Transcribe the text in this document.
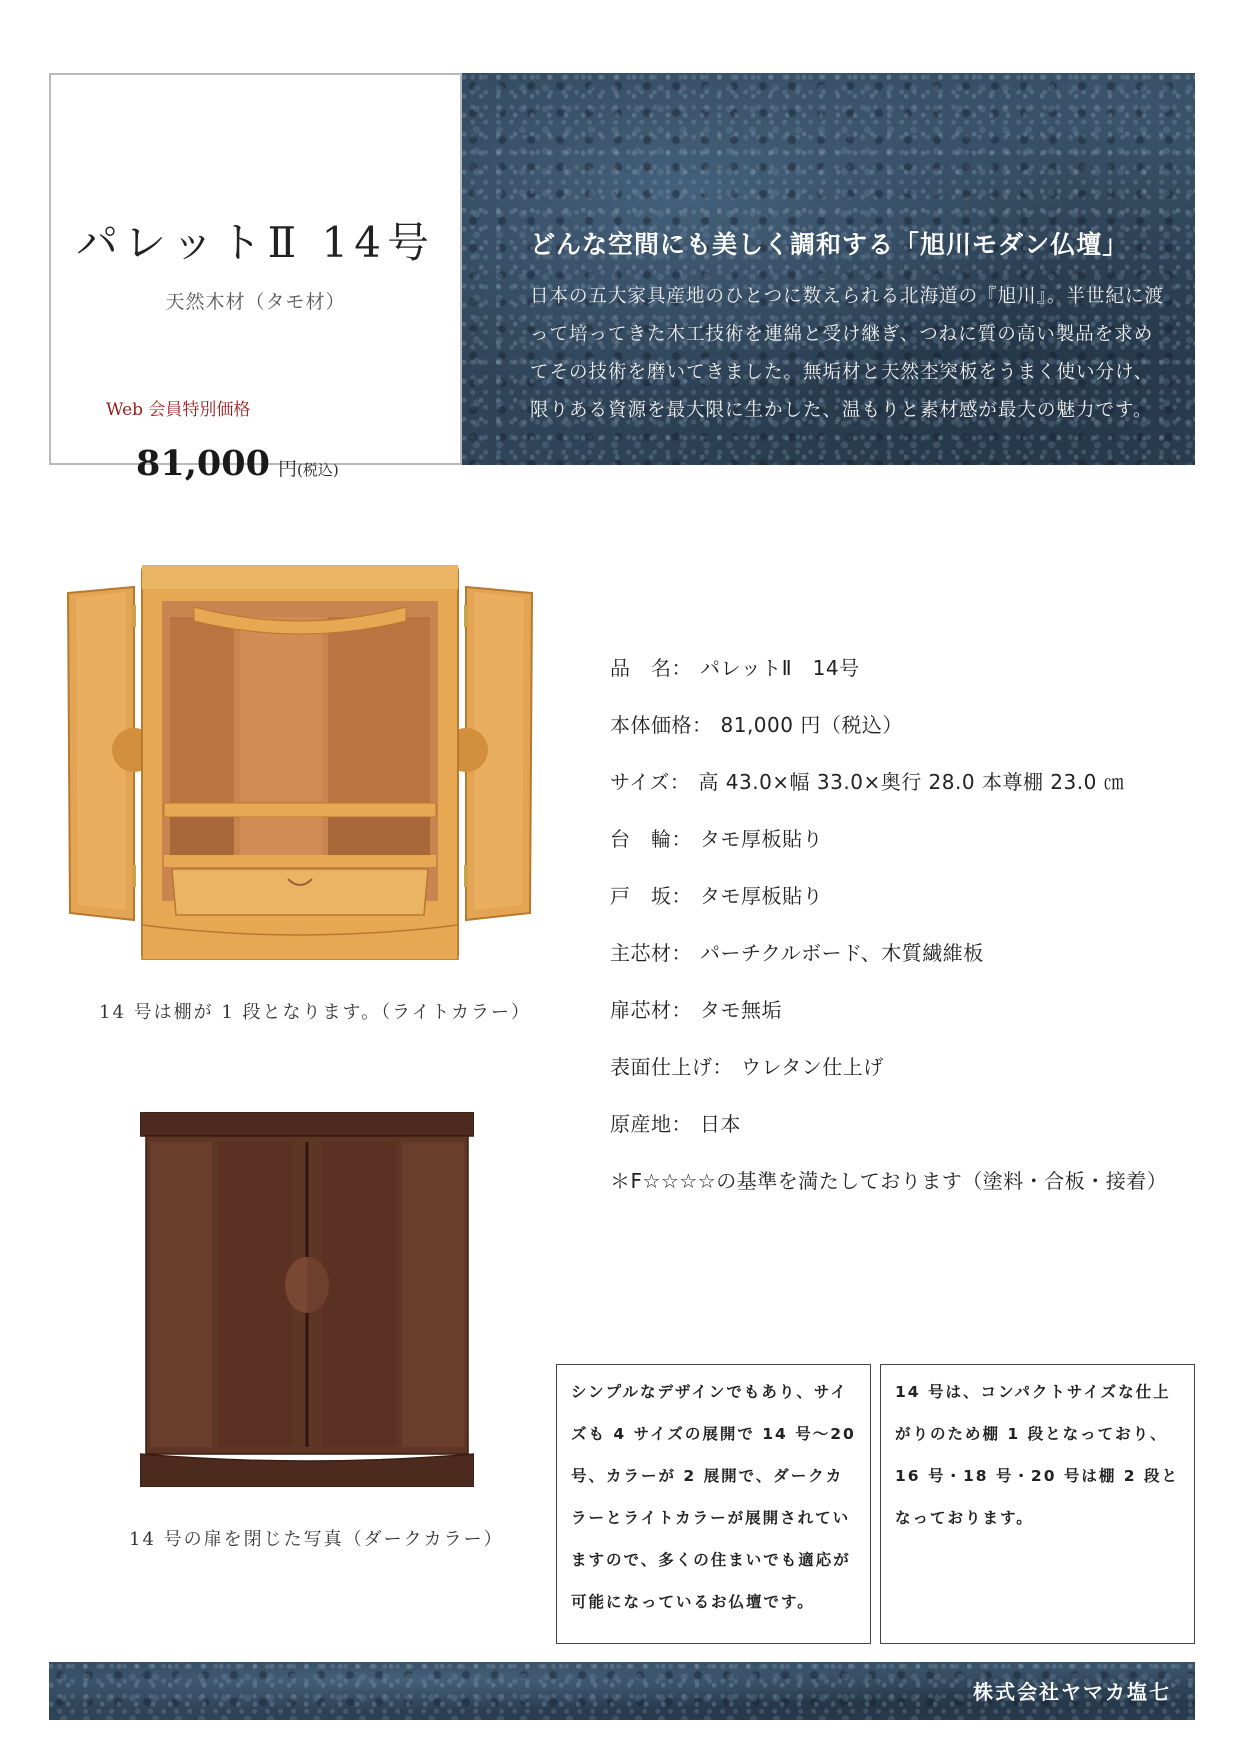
パレットⅡ 14号
天然木材（タモ材）
Web 会員特別価格
81,000 円(税込)
どんな空間にも美しく調和する「旭川モダン仏壇」
日本の五大家具産地のひとつに数えられる北海道の『旭川』。半世紀に渡って培ってきた木工技術を連綿と受け継ぎ、つねに質の高い製品を求めてその技術を磨いてきました。無垢材と天然杢突板をうまく使い分け、限りある資源を最大限に生かした、温もりと素材感が最大の魅力です。
14 号は棚が 1 段となります。（ライトカラー）
14 号の扉を閉じた写真（ダークカラー）
品　名： パレットⅡ　14号
本体価格： 81,000 円（税込）
サイズ： 高 43.0×幅 33.0×奥行 28.0 本尊棚 23.0 ㎝
台　輪： タモ厚板貼り
戸　坂： タモ厚板貼り
主芯材： パーチクルボード、木質繊維板
扉芯材： タモ無垢
表面仕上げ： ウレタン仕上げ
原産地： 日本
＊F☆☆☆☆の基準を満たしております（塗料・合板・接着）
シンプルなデザインでもあり、サイズも 4 サイズの展開で 14 号～20 号、カラーが 2 展開で、ダークカラーとライトカラーが展開されていますので、多くの住まいでも適応が可能になっているお仏壇です。
14 号は、コンパクトサイズな仕上がりのため棚 1 段となっており、16 号・18 号・20 号は棚 2 段となっております。
株式会社ヤマカ塩七
